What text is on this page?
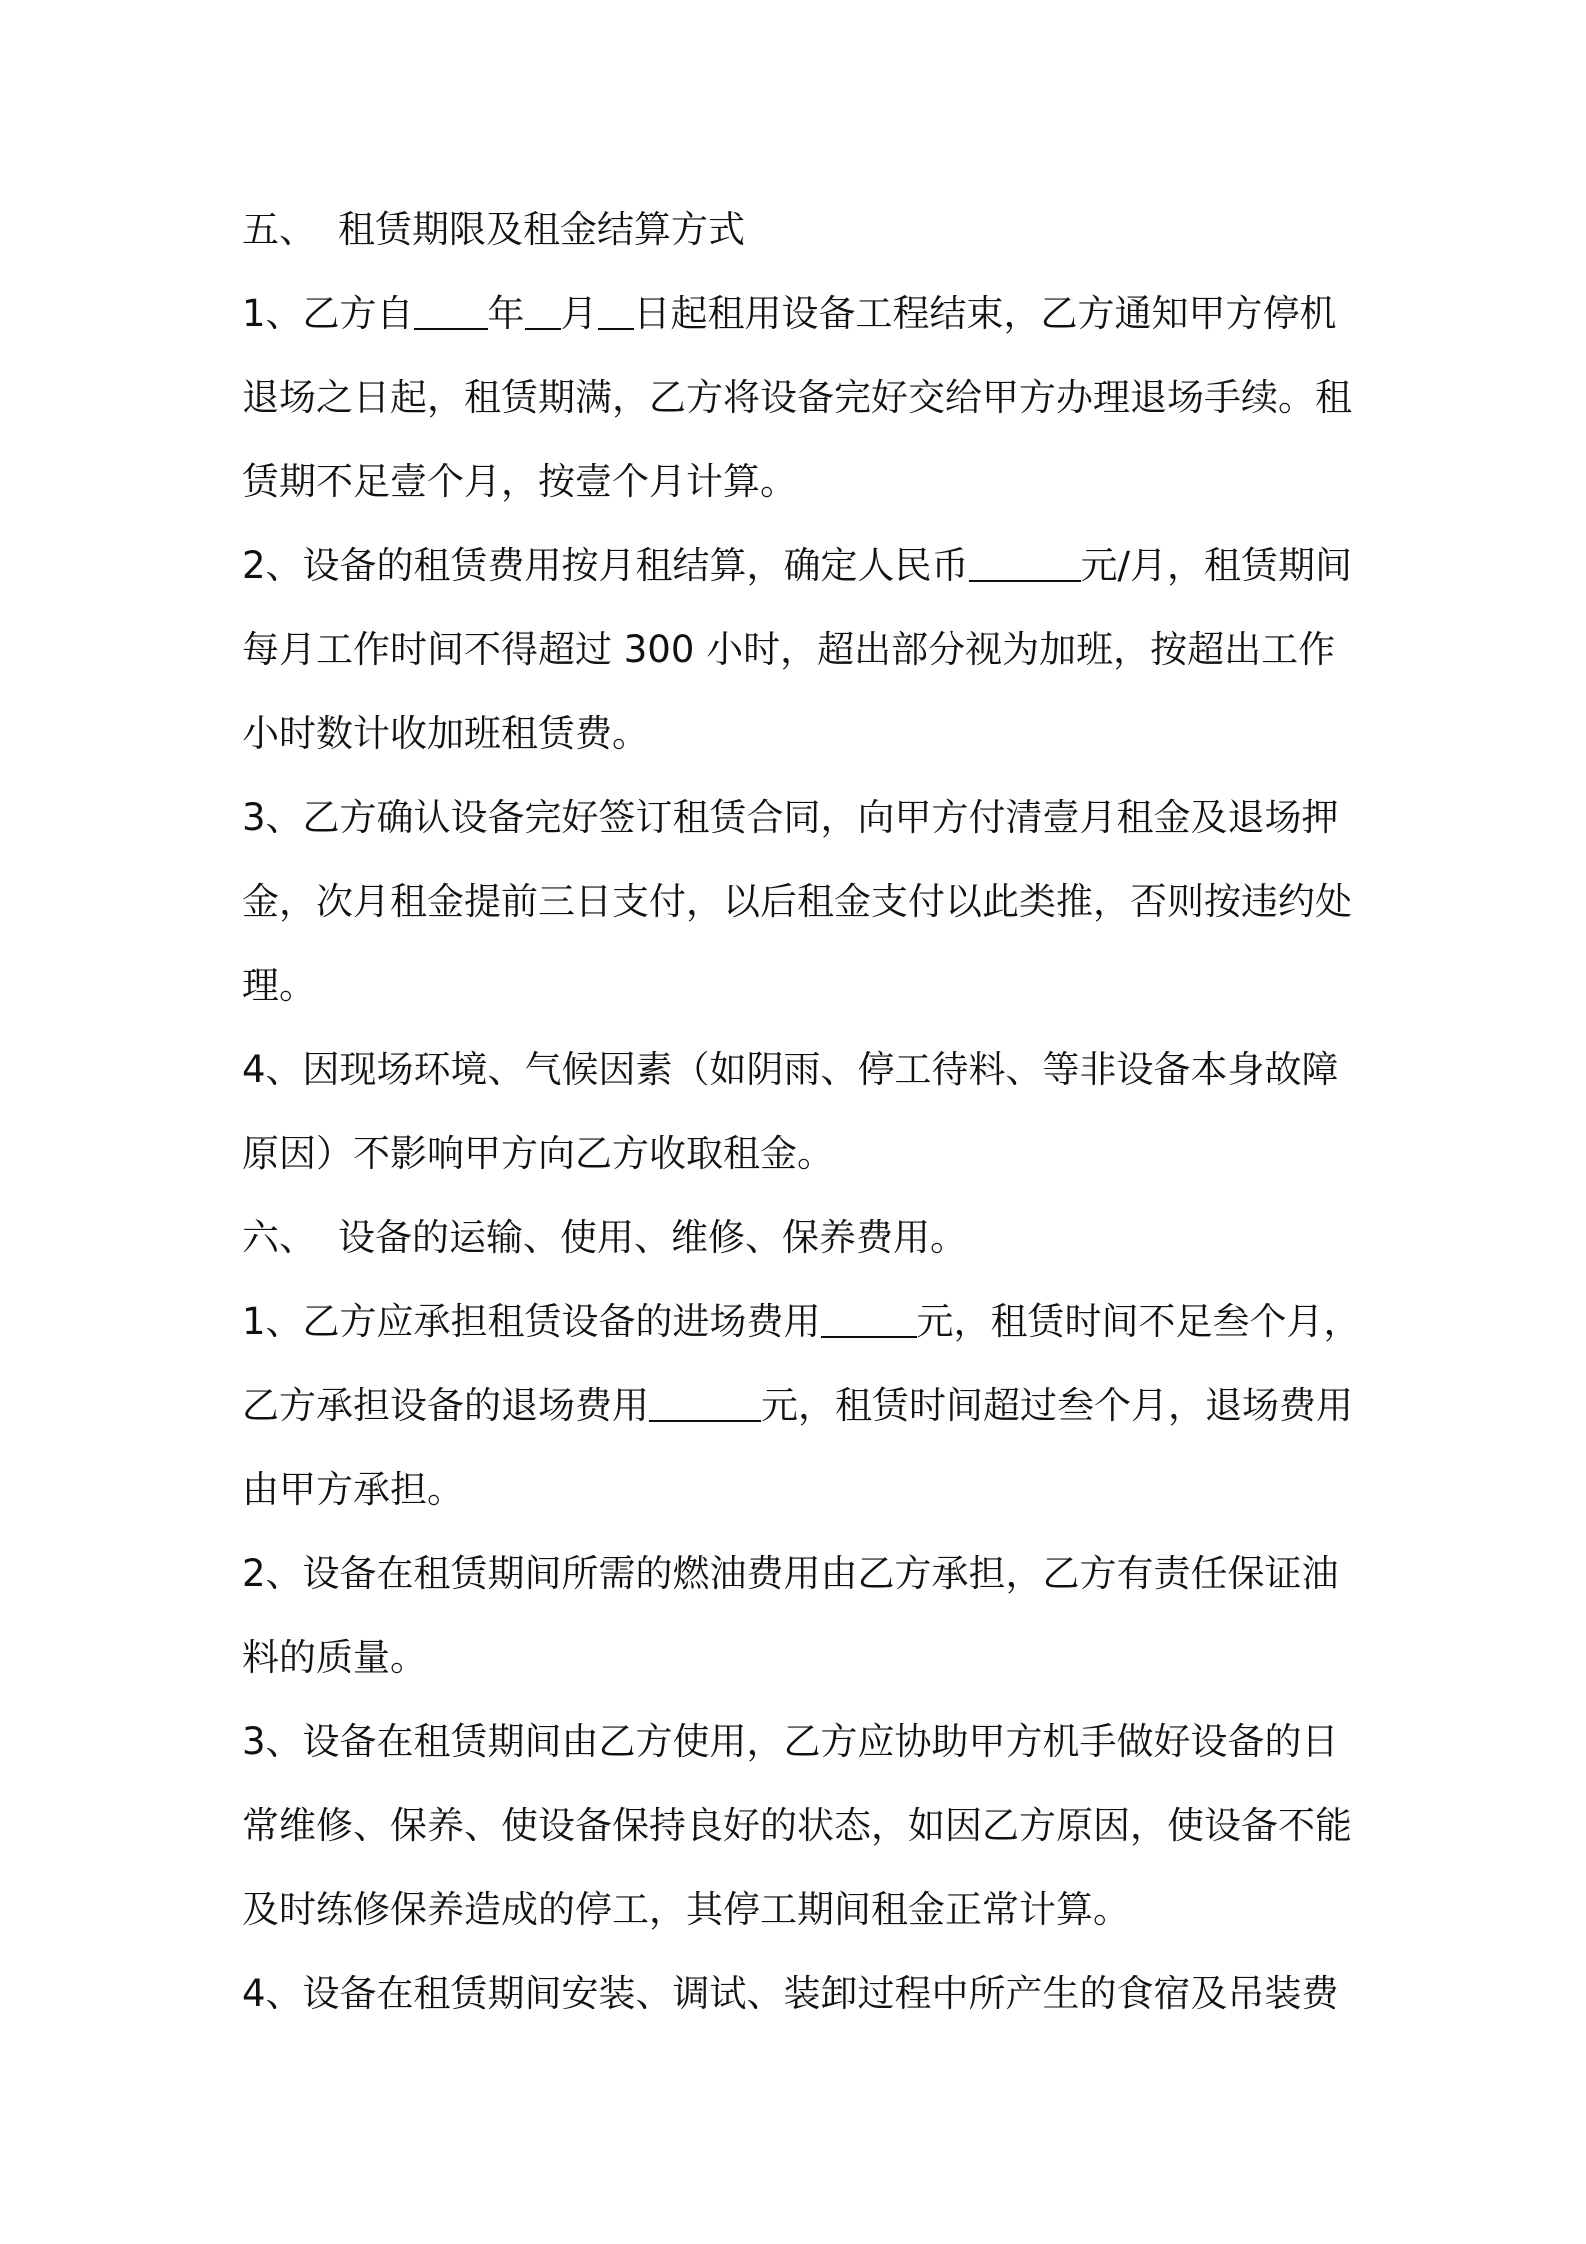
五、 租赁期限及租金结算方式
1、乙方自 年 月 日起租用设备工程结束，乙方通知甲方停机
退场之日起，租赁期满，乙方将设备完好交给甲方办理退场手续。租
赁期不足壹个月，按壹个月计算。
2、设备的租赁费用按月租结算，确定人民币	元/月，租赁期间
每月工作时间不得超过 300 小时，超出部分视为加班，按超出工作
小时数计收加班租赁费。
3、乙方确认设备完好签订租赁合同，向甲方付清壹月租金及退场押
金，次月租金提前三日支付，以后租金支付以此类推，否则按违约处
理。
4、因现场环境、气候因素（如阴雨、停工待料、等非设备本身故障
原因）不影响甲方向乙方收取租金。
六、 设备的运输、使用、维修、保养费用。
1、乙方应承担租赁设备的进场费用	元，租赁时间不足叁个月，
乙方承担设备的退场费用	元，租赁时间超过叁个月，退场费用
由甲方承担。
2、设备在租赁期间所需的燃油费用由乙方承担，乙方有责任保证油
料的质量。
3、设备在租赁期间由乙方使用，乙方应协助甲方机手做好设备的日
常维修、保养、使设备保持良好的状态，如因乙方原因，使设备不能
及时练修保养造成的停工，其停工期间租金正常计算。
4、设备在租赁期间安装、调试、装卸过程中所产生的食宿及吊装费
